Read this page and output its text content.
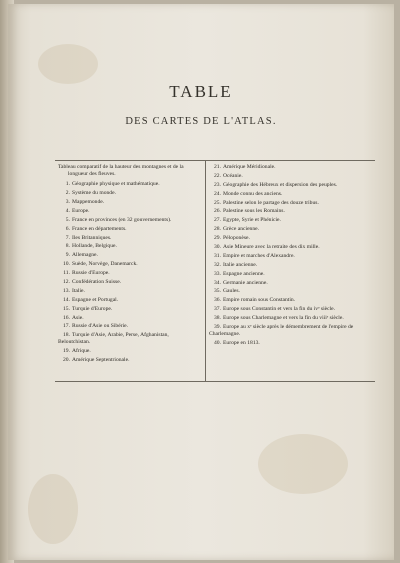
TABLE
DES CARTES DE L'ATLAS.
Tableau comparatif de la hauteur des montagnes et de la longueur des fleuves.
1. Géographie physique et mathématique.
2. Système du monde.
3. Mappemonde.
4. Europe.
5. France en provinces (en 32 gouvernements).
6. France en départements.
7. Iles Britanniques.
8. Hollande, Belgique.
9. Allemagne.
10. Suède, Norvège, Danemarck.
11. Russie d'Europe.
12. Confédération Suisse.
13. Italie.
14. Espagne et Portugal.
15. Turquie d'Europe.
16. Asie.
17. Russie d'Asie ou Sibérie.
18. Turquie d'Asie, Arabie, Perse, Afghanistan, Beloutchistan.
19. Afrique.
20. Amérique Septentrionale.
21. Amérique Méridionale.
22. Océanie.
23. Géographie des Hébreux et dispersion des peuples.
24. Monde connu des anciens.
25. Palestine selon le partage des douze tribus.
26. Palestine sous les Romains.
27. Egypte, Syrie et Phénicie.
28. Grèce ancienne.
29. Péloponèse.
30. Asie Mineure avec la retraite des dix mille.
31. Empire et marches d'Alexandre.
32. Italie ancienne.
33. Espagne ancienne.
34. Germanie ancienne.
35. Gaules.
36. Empire romain sous Constantin.
37. Europe sous Constantin et vers la fin du ivᵉ siècle.
38. Europe sous Charlemagne et vers la fin du viiiᵉ siècle.
39. Europe au xᵉ siècle après le démembrement de l'empire de Charlemagne.
40. Europe en 1813.
